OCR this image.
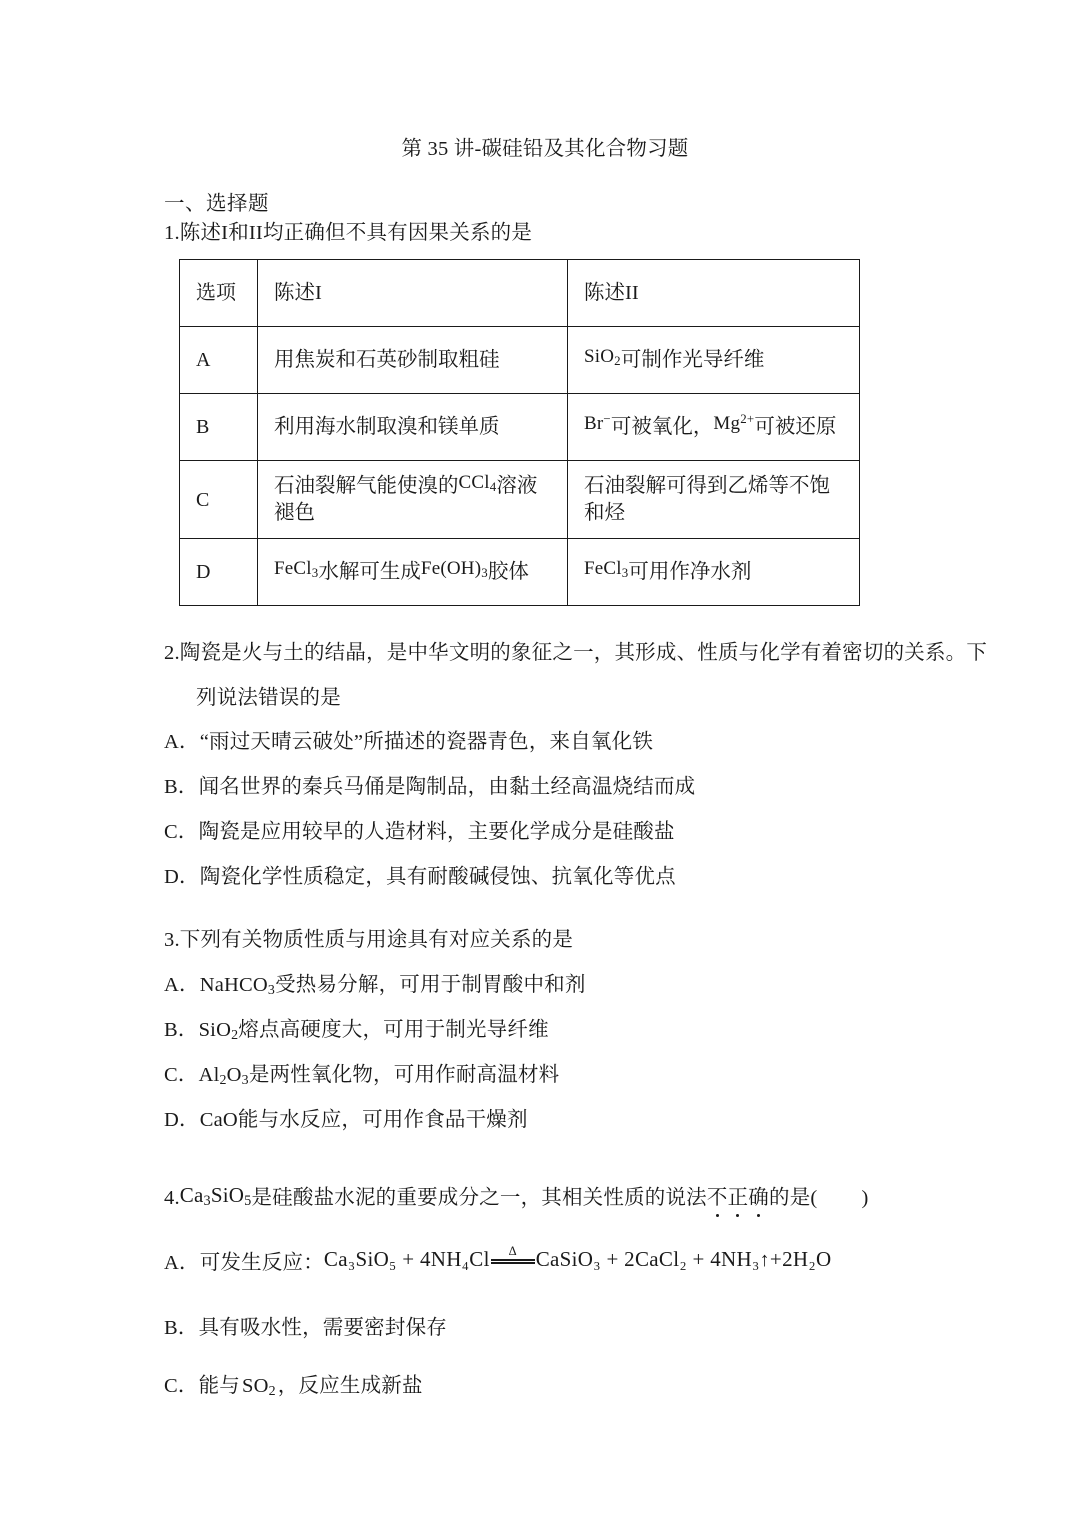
第 35 讲-碳硅铅及其化合物习题
一、选择题
1.陈述I和II均正确但不具有因果关系的是
选项	陈述I	陈述II
A	用焦炭和石英砂制取粗硅	SiO$_2$可制作光导纤维
B	利用海水制取溴和镁单质	Br−可被氧化，$Mg^{2+}$可被还原
C	石油裂解气能使溴的CCl$_4$溶液褪色	石油裂解可得到乙烯等不饱和烃
D	FeCl$_3$水解可生成$Fe(OH)_3$胶体	FeCl$_3$可用作净水剂
2.陶瓷是火与土的结晶，是中华文明的象征之一，其形成、性质与化学有着密切的关系。下
列说法错误的是
A．“雨过天晴云破处”所描述的瓷器青色，来自氧化铁
B．闻名世界的秦兵马俑是陶制品，由黏土经高温烧结而成
C．陶瓷是应用较早的人造材料，主要化学成分是硅酸盐
D．陶瓷化学性质稳定，具有耐酸碱侵蚀、抗氧化等优点
3.下列有关物质性质与用途具有对应关系的是
A．NaHCO$_3$受热易分解，可用于制胃酸中和剂
B．SiO$_2$熔点高硬度大，可用于制光导纤维
C．$Al_2O_3$是两性氧化物，可用作耐高温材料
D．CaO能与水反应，可用作食品干燥剂
$4.Ca_3SiO_5$是硅酸盐水泥的重要成分之一，其相关性质的说法不正确的是( )
A．可发生反应：Ca₃SiO₅ + 4NH₄Cl Δ CaSiO₃ + 2CaCl₂ + 4NH₃↑+2H₂O
B．具有吸水性，需要密封保存
C．能与$SO_2$，反应生成新盐
